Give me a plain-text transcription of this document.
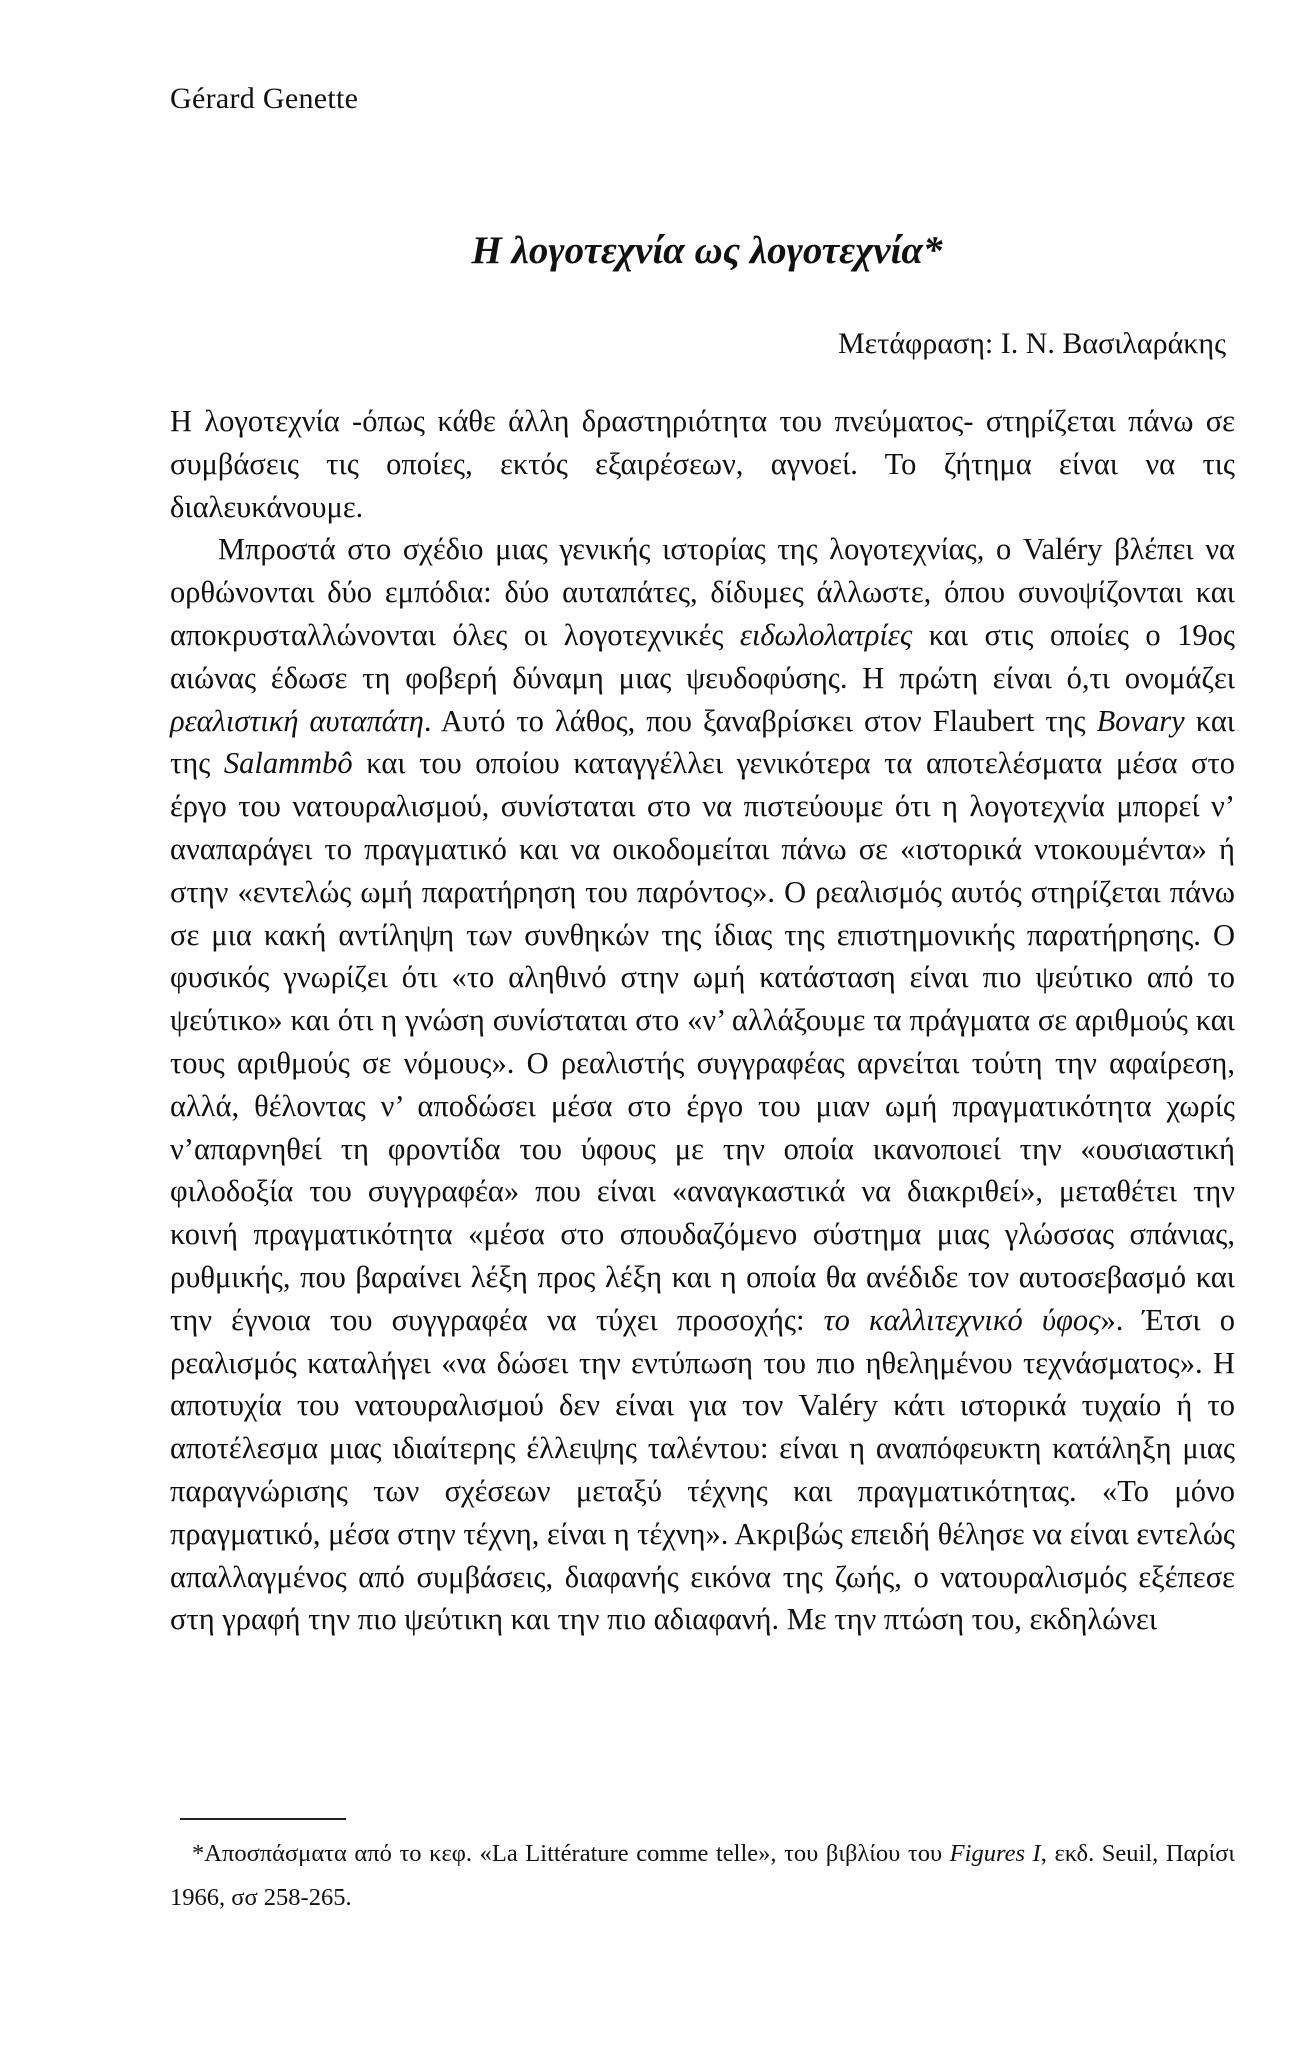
Gérard Genette
Η λογοτεχνία ως λογοτεχνία*
Μετάφραση: Ι. Ν. Βασιλαράκης

Η λογοτεχνία -όπως κάθε άλλη δραστηριότητα του πνεύματος- στηρίζεται πάνω σε συμβάσεις τις οποίες, εκτός εξαιρέσεων, αγνοεί. Το ζήτημα είναι να τις διαλευκάνουμε.

Μπροστά στο σχέδιο μιας γενικής ιστορίας της λογοτεχνίας, ο Valéry βλέπει να ορθώνονται δύο εμπόδια: δύο αυταπάτες, δίδυμες άλλωστε, όπου συνοψίζονται και αποκρυσταλλώνονται όλες οι λογοτεχνικές ειδωλολατρίες και στις οποίες ο 19ος αιώνας έδωσε τη φοβερή δύναμη μιας ψευδοφύσης. Η πρώτη είναι ό,τι ονομάζει ρεαλιστική αυταπάτη. Αυτό το λάθος, που ξαναβρίσκει στον Flaubert της Bovary και της Salammbô και του οποίου καταγγέλλει γενικότερα τα αποτελέσματα μέσα στο έργο του νατουραλισμού, συνίσταται στο να πιστεύουμε ότι η λογοτεχνία μπορεί ν’ αναπαράγει το πραγματικό και να οικοδομείται πάνω σε «ιστορικά ντοκουμέντα» ή στην «εντελώς ωμή παρατήρηση του παρόντος». Ο ρεαλισμός αυτός στηρίζεται πάνω σε μια κακή αντίληψη των συνθηκών της ίδιας της επιστημονικής παρατήρησης. Ο φυσικός γνωρίζει ότι «το αληθινό στην ωμή κατάσταση είναι πιο ψεύτικο από το ψεύτικο» και ότι η γνώση συνίσταται στο «ν’ αλλάξουμε τα πράγματα σε αριθμούς και τους αριθμούς σε νόμους». Ο ρεαλιστής συγγραφέας αρνείται τούτη την αφαίρεση, αλλά, θέλοντας ν’ αποδώσει μέσα στο έργο του μιαν ωμή πραγματικότητα χωρίς ν’απαρνηθεί τη φροντίδα του ύφους με την οποία ικανοποιεί την «ουσιαστική φιλοδοξία του συγγραφέα» που είναι «αναγκαστικά να διακριθεί», μεταθέτει την κοινή πραγματικότητα «μέσα στο σπουδαζόμενο σύστημα μιας γλώσσας σπάνιας, ρυθμικής, που βαραίνει λέξη προς λέξη και η οποία θα ανέδιδε τον αυτοσεβασμό και την έγνοια του συγγραφέα να τύχει προσοχής: το καλλιτεχνικό ύφος». Έτσι ο ρεαλισμός καταλήγει «να δώσει την εντύπωση του πιο ηθελημένου τεχνάσματος». Η αποτυχία του νατουραλισμού δεν είναι για τον Valéry κάτι ιστορικά τυχαίο ή το αποτέλεσμα μιας ιδιαίτερης έλλειψης ταλέντου: είναι η αναπόφευκτη κατάληξη μιας παραγνώρισης των σχέσεων μεταξύ τέχνης και πραγματικότητας. «Το μόνο πραγματικό, μέσα στην τέχνη, είναι η τέχνη». Ακριβώς επειδή θέλησε να είναι εντελώς απαλλαγμένος από συμβάσεις, διαφανής εικόνα της ζωής, ο νατουραλισμός εξέπεσε στη γραφή την πιο ψεύτικη και την πιο αδιαφανή. Με την πτώση του, εκδηλώνει

*Αποσπάσματα από το κεφ. «La Littérature comme telle», του βιβλίου του Figures I, εκδ. Seuil, Παρίσι 1966, σσ 258-265.
